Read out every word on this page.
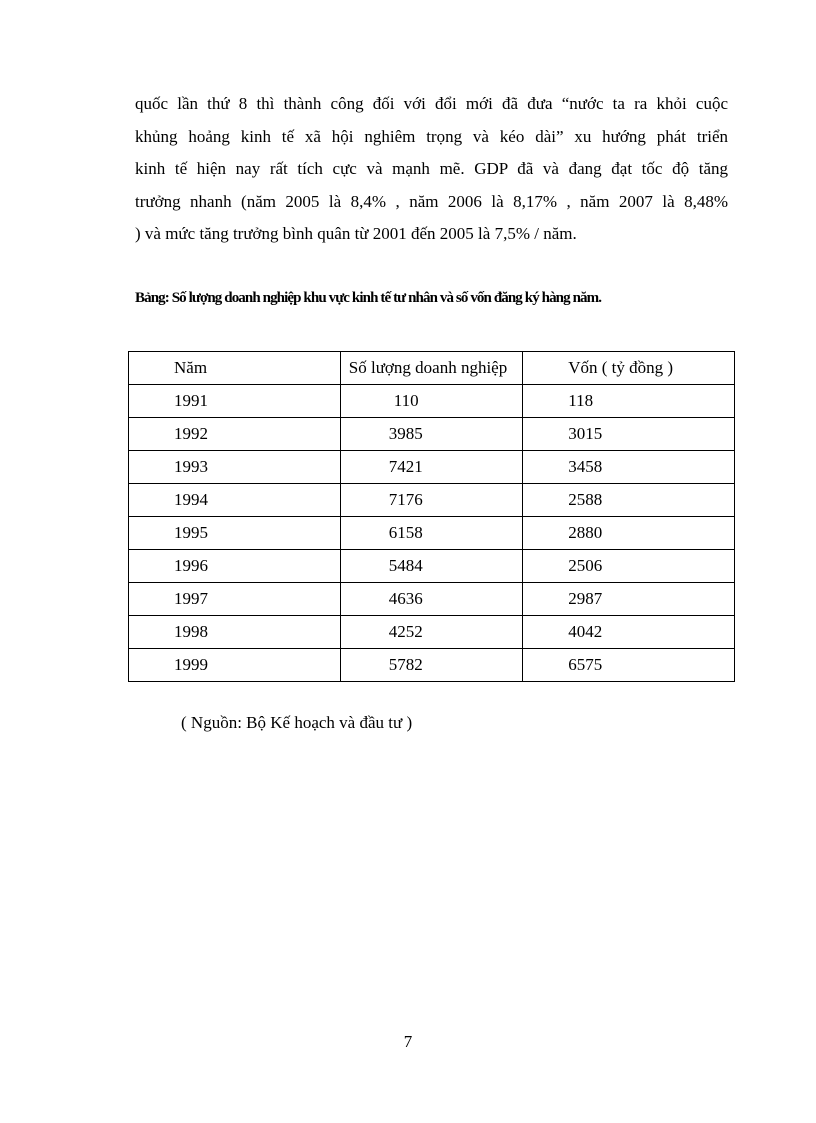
quốc lần thứ 8 thì thành công đối với đổi mới đã đưa “nước ta ra khỏi cuộc
khủng hoảng kinh tế xã hội nghiêm trọng và kéo dài” xu hướng phát triển
kinh tế hiện nay rất tích cực và mạnh mẽ. GDP đã và đang đạt tốc độ tăng
trưởng nhanh (năm 2005 là 8,4% , năm 2006 là 8,17% , năm 2007 là 8,48%
) và mức tăng trưởng bình quân từ 2001 đến 2005 là 7,5% / năm.
Bảng: Số lượng doanh nghiệp khu vực kinh tế tư nhân và số vốn đăng ký hàng năm.
Năm	Số lượng doanh nghiệp	Vốn ( tỷ đồng )
1991	110	118
1992	3985	3015
1993	7421	3458
1994	7176	2588
1995	6158	2880
1996	5484	2506
1997	4636	2987
1998	4252	4042
1999	5782	6575
( Nguồn: Bộ Kế hoạch và đầu tư )
7
